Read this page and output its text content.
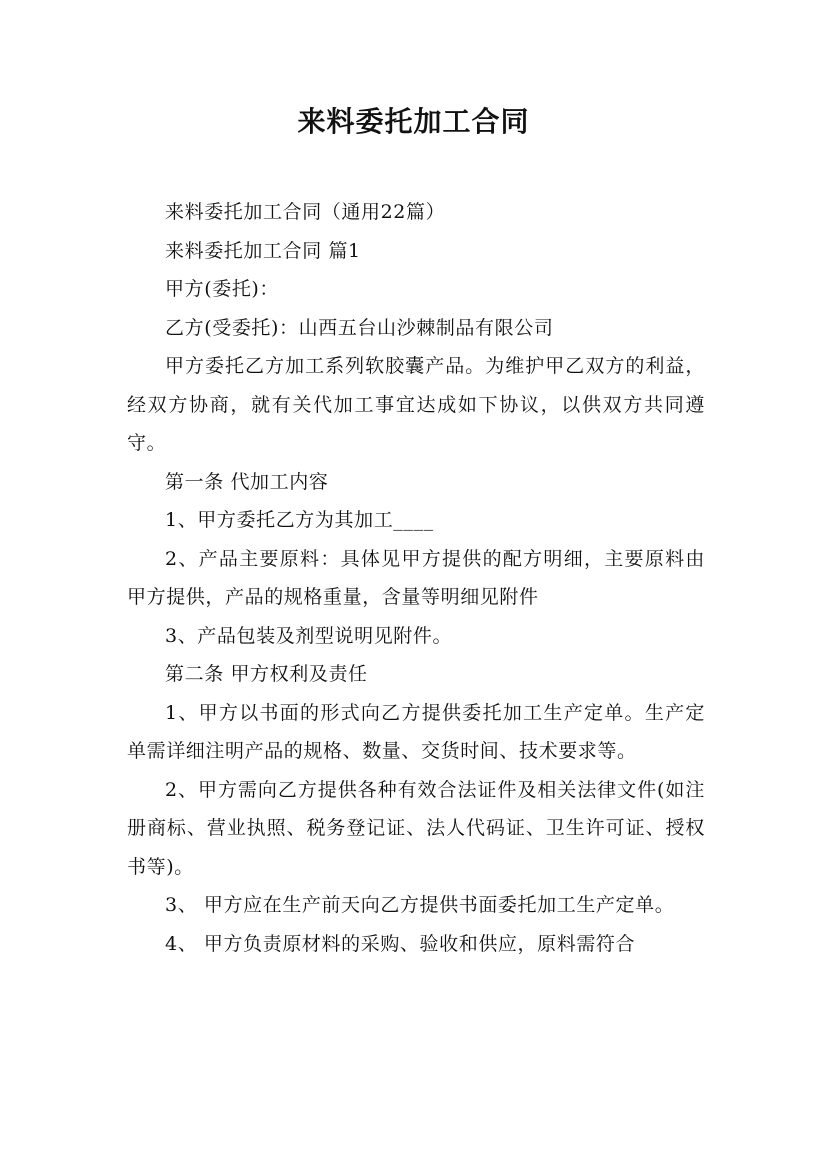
来料委托加工合同

来料委托加工合同（通用22篇）

来料委托加工合同 篇1

甲方(委托)：

乙方(受委托)：山西五台山沙棘制品有限公司

甲方委托乙方加工系列软胶囊产品。为维护甲乙双方的利益，经双方协商，就有关代加工事宜达成如下协议，以供双方共同遵守。

第一条 代加工内容

1、甲方委托乙方为其加工____

2、产品主要原料：具体见甲方提供的配方明细，主要原料由甲方提供，产品的规格重量，含量等明细见附件

3、产品包装及剂型说明见附件。

第二条 甲方权利及责任

1、甲方以书面的形式向乙方提供委托加工生产定单。生产定单需详细注明产品的规格、数量、交货时间、技术要求等。

2、甲方需向乙方提供各种有效合法证件及相关法律文件(如注册商标、营业执照、税务登记证、法人代码证、卫生许可证、授权书等)。

3、 甲方应在生产前天向乙方提供书面委托加工生产定单。

4、 甲方负责原材料的采购、验收和供应，原料需符合
